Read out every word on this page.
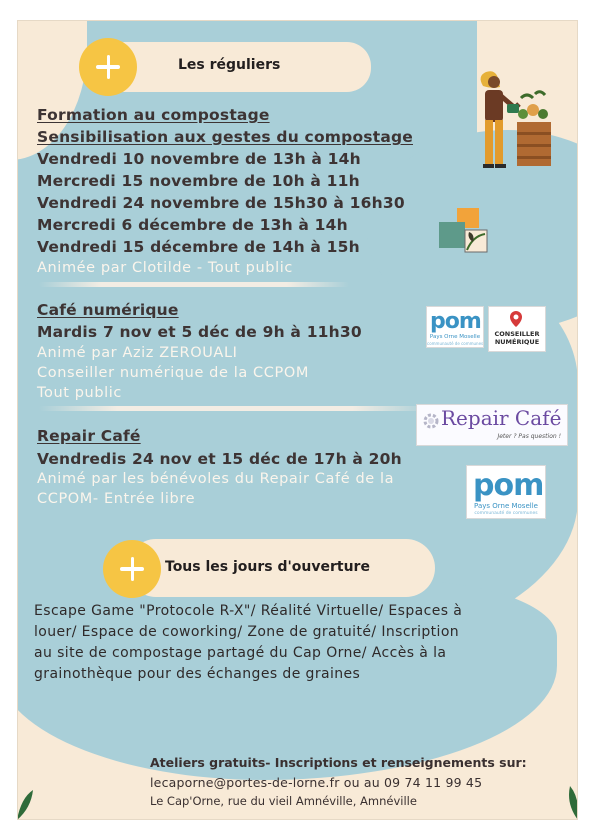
Les réguliers
Formation au compostage
Sensibilisation aux gestes du compostage
Vendredi 10 novembre de 13h à 14h
Mercredi 15 novembre de 10h à 11h
Vendredi 24 novembre de 15h30 à 16h30
Mercredi 6 décembre de 13h à 14h
Vendredi 15 décembre de 14h à 15h
Animée par Clotilde - Tout public
Café numérique
Mardis 7 nov et 5 déc de 9h à 11h30
Animé par Aziz ZEROUALI
Conseiller numérique de la CCPOM
Tout public
pom
Pays Orne Moselle
communauté de communes
CONSEILLER
NUMÉRIQUE
Repair Café
Jeter ? Pas question !
Repair Café
Vendredis 24 nov et 15 déc de 17h à 20h
Animé par les bénévoles du Repair Café de la
CCPOM- Entrée libre	pom
Pays Orne Moselle
communauté de communes
Tous les jours d'ouverture
Escape Game "Protocole R-X"/ Réalité Virtuelle/ Espaces à
louer/ Espace de coworking/ Zone de gratuité/ Inscription
au site de compostage partagé du Cap Orne/ Accès à la
grainothèque pour des échanges de graines
Ateliers gratuits- Inscriptions et renseignements sur:
lecaporne@portes-de-lorne.fr ou au 09 74 11 99 45
Le Cap'Orne, rue du vieil Amnéville, Amnéville
